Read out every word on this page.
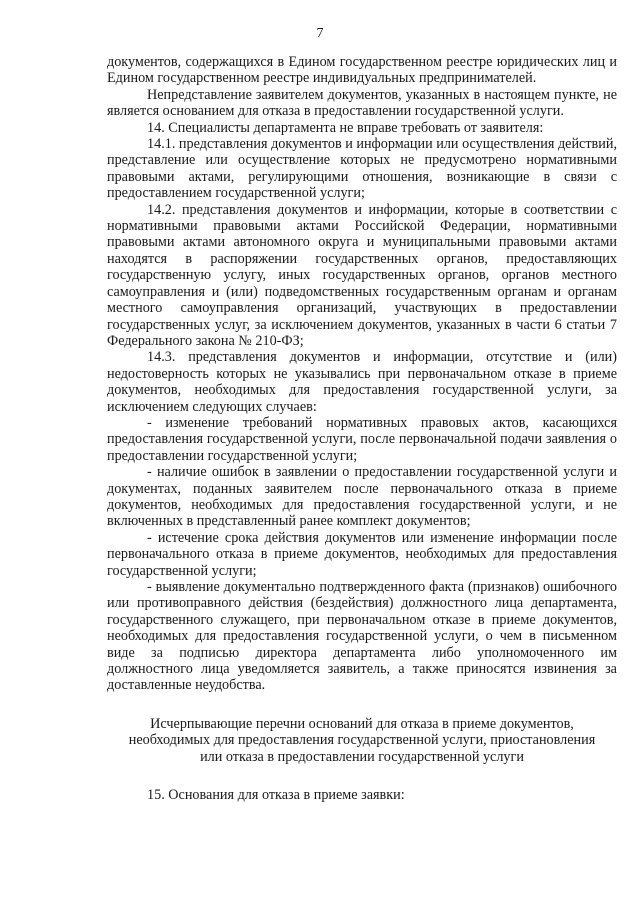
7

документов, содержащихся в Едином государственном реестре юридических лиц и Едином государственном реестре индивидуальных предпринимателей.

Непредставление заявителем документов, указанных в настоящем пункте, не является основанием для отказа в предоставлении государственной услуги.

14. Специалисты департамента не вправе требовать от заявителя:

14.1. представления документов и информации или осуществления действий, представление или осуществление которых не предусмотрено нормативными правовыми актами, регулирующими отношения, возникающие в связи с предоставлением государственной услуги;

14.2. представления документов и информации, которые в соответствии с нормативными правовыми актами Российской Федерации, нормативными правовыми актами автономного округа и муниципальными правовыми актами находятся в распоряжении государственных органов, предоставляющих государственную услугу, иных государственных органов, органов местного самоуправления и (или) подведомственных государственным органам и органам местного самоуправления организаций, участвующих в предоставлении государственных услуг, за исключением документов, указанных в части 6 статьи 7 Федерального закона № 210-ФЗ;

14.3. представления документов и информации, отсутствие и (или) недостоверность которых не указывались при первоначальном отказе в приеме документов, необходимых для предоставления государственной услуги, за исключением следующих случаев:

- изменение требований нормативных правовых актов, касающихся предоставления государственной услуги, после первоначальной подачи заявления о предоставлении государственной услуги;

- наличие ошибок в заявлении о предоставлении государственной услуги и документах, поданных заявителем после первоначального отказа в приеме документов, необходимых для предоставления государственной услуги, и не включенных в представленный ранее комплект документов;

- истечение срока действия документов или изменение информации после первоначального отказа в приеме документов, необходимых для предоставления государственной услуги;

- выявление документально подтвержденного факта (признаков) ошибочного или противоправного действия (бездействия) должностного лица департамента, государственного служащего, при первоначальном отказе в приеме документов, необходимых для предоставления государственной услуги, о чем в письменном виде за подписью директора департамента либо уполномоченного им должностного лица уведомляется заявитель, а также приносятся извинения за доставленные неудобства.

Исчерпывающие перечни оснований для отказа в приеме документов,
необходимых для предоставления государственной услуги, приостановления
или отказа в предоставлении государственной услуги

15. Основания для отказа в приеме заявки:
